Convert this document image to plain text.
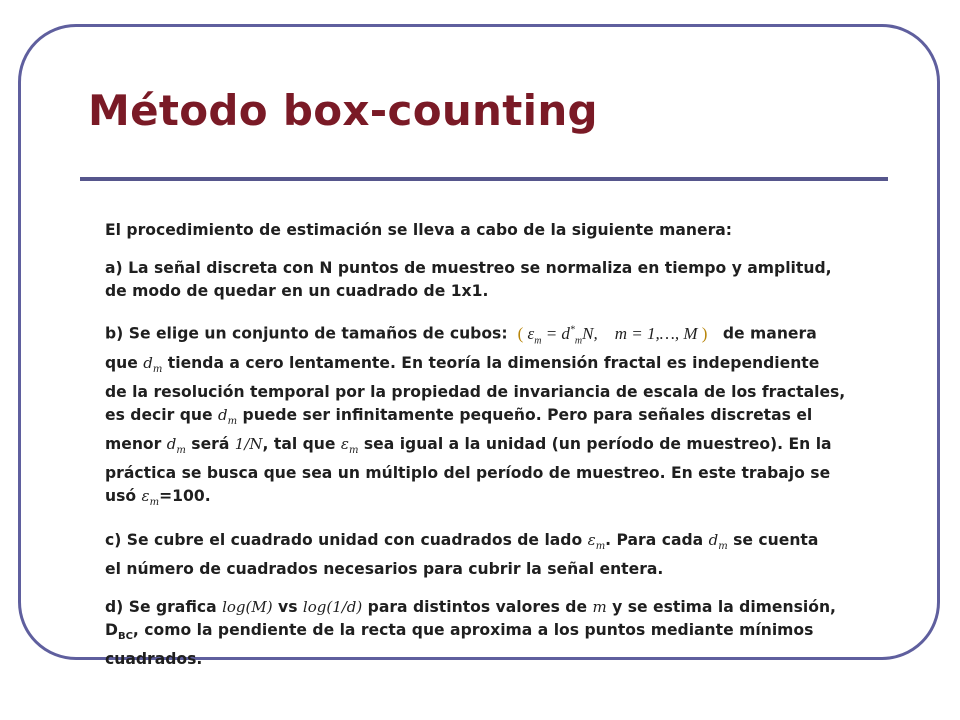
Método box-counting

El procedimiento de estimación se lleva a cabo de la siguiente manera:

a) La señal discreta con N puntos de muestreo se normaliza en tiempo y amplitud,
de modo de quedar en un cuadrado de 1x1.

b) Se elige un conjunto de tamaños de cubos: ( $\varepsilon_m = d^*_mN$, m = 1,…, M ) de manera
que $d_m$ tienda a cero lentamente. En teoría la dimensión fractal es independiente
de la resolución temporal por la propiedad de invariancia de escala de los fractales,
es decir que $d_m$ puede ser infinitamente pequeño. Pero para señales discretas el
menor $d_m$ será 1/N, tal que $\varepsilon_m$ sea igual a la unidad (un período de muestreo). En la
práctica se busca que sea un múltiplo del período de muestreo. En este trabajo se
usó $\varepsilon_m=100$.

c) Se cubre el cuadrado unidad con cuadrados de lado $\varepsilon_m$. Para cada $d_m$ se cuenta
el número de cuadrados necesarios para cubrir la señal entera.

d) Se grafica log(M) vs log(1/d) para distintos valores de m y se estima la dimensión,
$D_{BC}$, como la pendiente de la recta que aproxima a los puntos mediante mínimos
cuadrados.
